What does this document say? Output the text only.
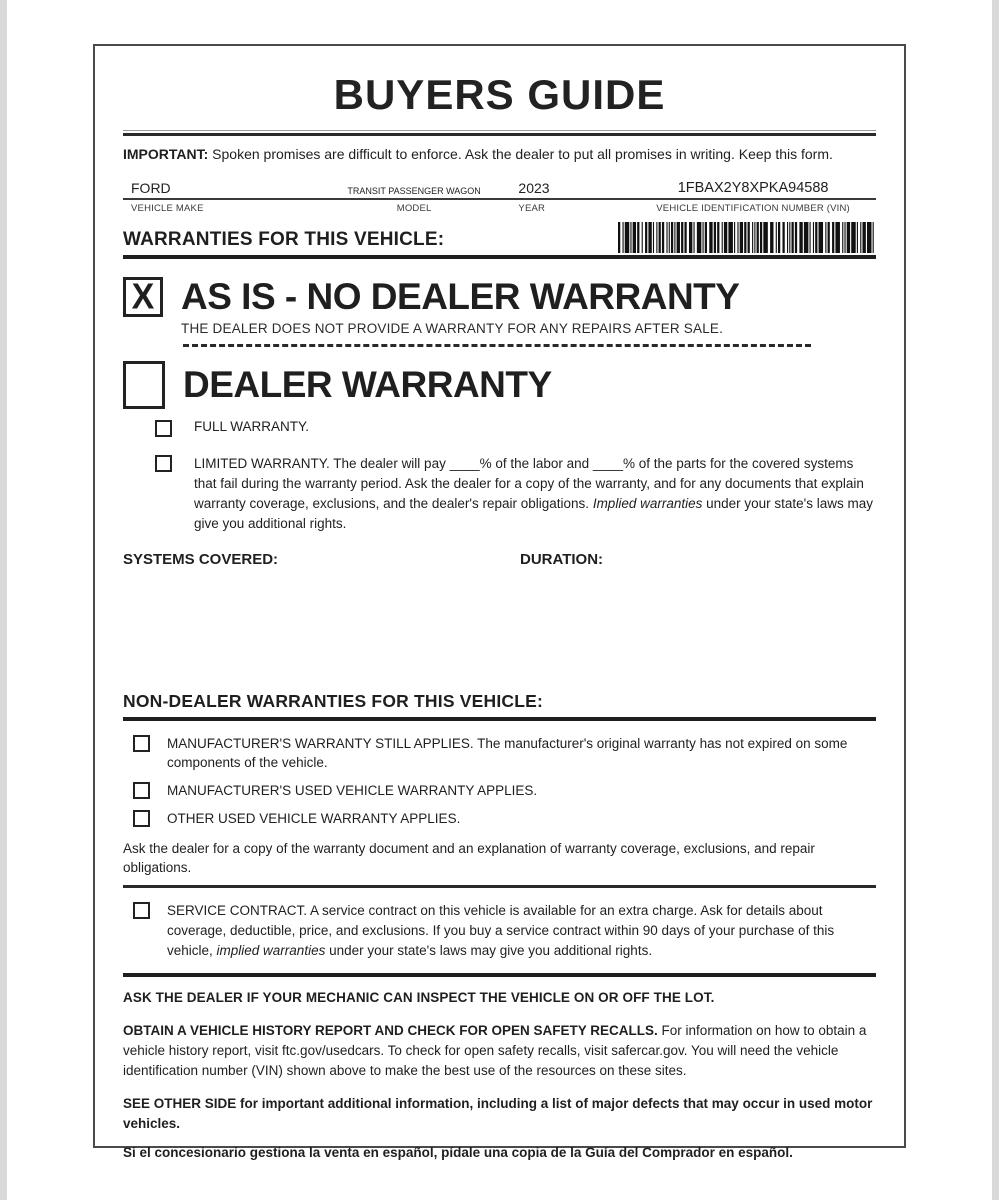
BUYERS GUIDE
IMPORTANT: Spoken promises are difficult to enforce. Ask the dealer to put all promises in writing. Keep this form.
FORD	TRANSIT PASSENGER WAGON	2023	1FBAX2Y8XPKA94588
VEHICLE MAKE	MODEL	YEAR	VEHICLE IDENTIFICATION NUMBER (VIN)
WARRANTIES FOR THIS VEHICLE:
X AS IS - NO DEALER WARRANTY
THE DEALER DOES NOT PROVIDE A WARRANTY FOR ANY REPAIRS AFTER SALE.
DEALER WARRANTY
FULL WARRANTY.
LIMITED WARRANTY. The dealer will pay ____% of the labor and ____% of the parts for the covered systems that fail during the warranty period. Ask the dealer for a copy of the warranty, and for any documents that explain warranty coverage, exclusions, and the dealer's repair obligations. Implied warranties under your state's laws may give you additional rights.
SYSTEMS COVERED:	DURATION:
NON-DEALER WARRANTIES FOR THIS VEHICLE:
MANUFACTURER'S WARRANTY STILL APPLIES. The manufacturer's original warranty has not expired on some components of the vehicle.
MANUFACTURER'S USED VEHICLE WARRANTY APPLIES.
OTHER USED VEHICLE WARRANTY APPLIES.
Ask the dealer for a copy of the warranty document and an explanation of warranty coverage, exclusions, and repair obligations.
SERVICE CONTRACT. A service contract on this vehicle is available for an extra charge. Ask for details about coverage, deductible, price, and exclusions. If you buy a service contract within 90 days of your purchase of this vehicle, implied warranties under your state's laws may give you additional rights.
ASK THE DEALER IF YOUR MECHANIC CAN INSPECT THE VEHICLE ON OR OFF THE LOT.
OBTAIN A VEHICLE HISTORY REPORT AND CHECK FOR OPEN SAFETY RECALLS. For information on how to obtain a vehicle history report, visit ftc.gov/usedcars. To check for open safety recalls, visit safercar.gov. You will need the vehicle identification number (VIN) shown above to make the best use of the resources on these sites.
SEE OTHER SIDE for important additional information, including a list of major defects that may occur in used motor vehicles.
Si el concesionario gestiona la venta en español, pídale una copia de la Guía del Comprador en español.
